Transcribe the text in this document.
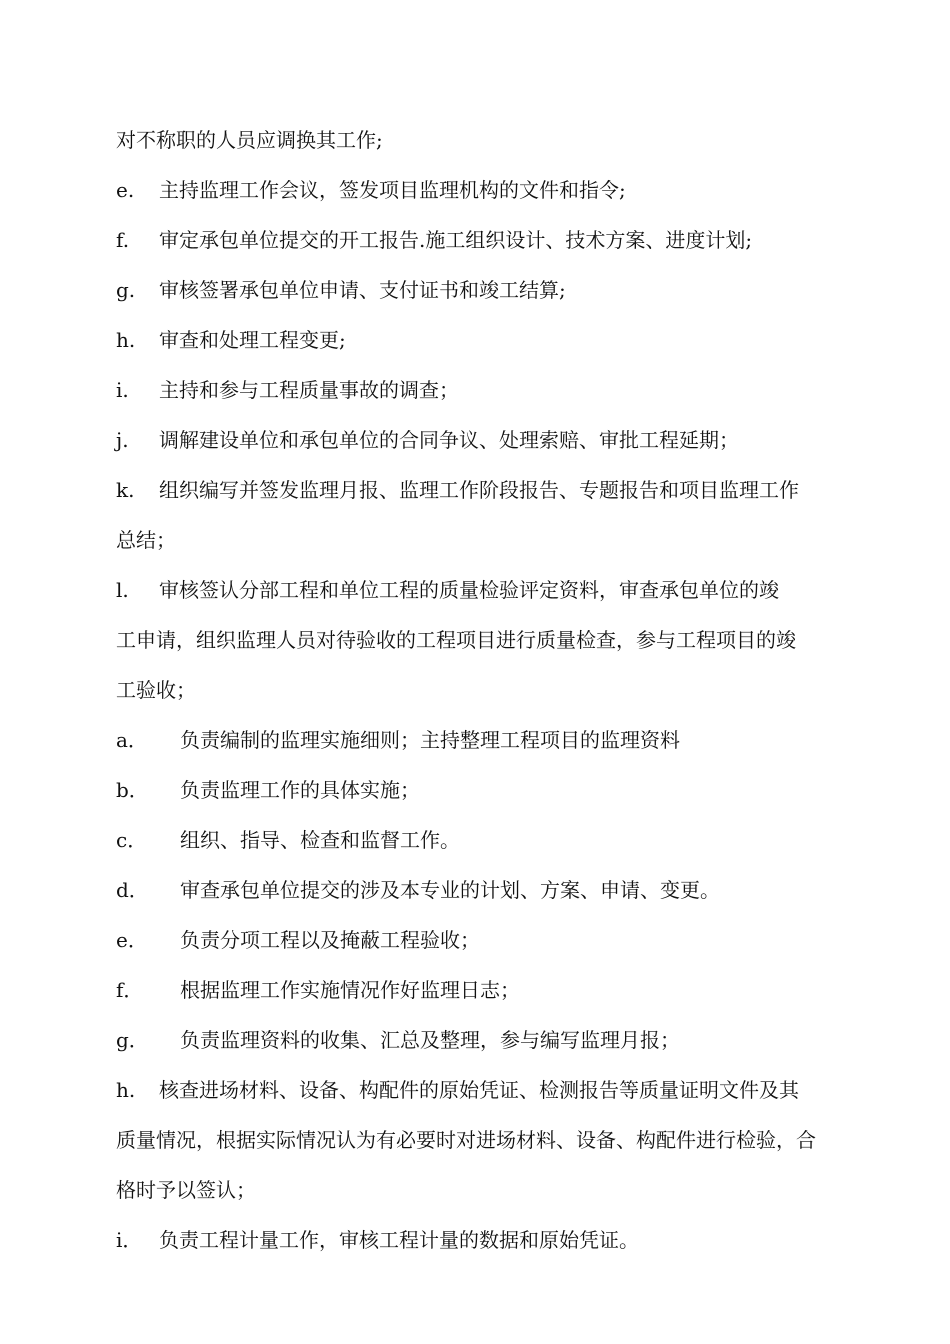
对不称职的人员应调换其工作;
e. 主持监理工作会议，签发项目监理机构的文件和指令;
f. 审定承包单位提交的开工报告.施工组织设计、技术方案、进度计划;
g. 审核签署承包单位申请、支付证书和竣工结算;
h. 审查和处理工程变更;
i. 主持和参与工程质量事故的调查；
j. 调解建设单位和承包单位的合同争议、处理索赔、审批工程延期；
k. 组织编写并签发监理月报、监理工作阶段报告、专题报告和项目监理工作
总结；
l. 审核签认分部工程和单位工程的质量检验评定资料，审查承包单位的竣
工申请，组织监理人员对待验收的工程项目进行质量检查，参与工程项目的竣
工验收；
a． 负责编制的监理实施细则；主持整理工程项目的监理资料
b． 负责监理工作的具体实施；
c． 组织、指导、检查和监督工作。
d． 审查承包单位提交的涉及本专业的计划、方案、申请、变更。
e． 负责分项工程以及掩蔽工程验收；
f． 根据监理工作实施情况作好监理日志；
g． 负责监理资料的收集、汇总及整理，参与编写监理月报；
h. 核查进场材料、设备、构配件的原始凭证、检测报告等质量证明文件及其
质量情况，根据实际情况认为有必要时对进场材料、设备、构配件进行检验，合
格时予以签认；
i． 负责工程计量工作，审核工程计量的数据和原始凭证。
